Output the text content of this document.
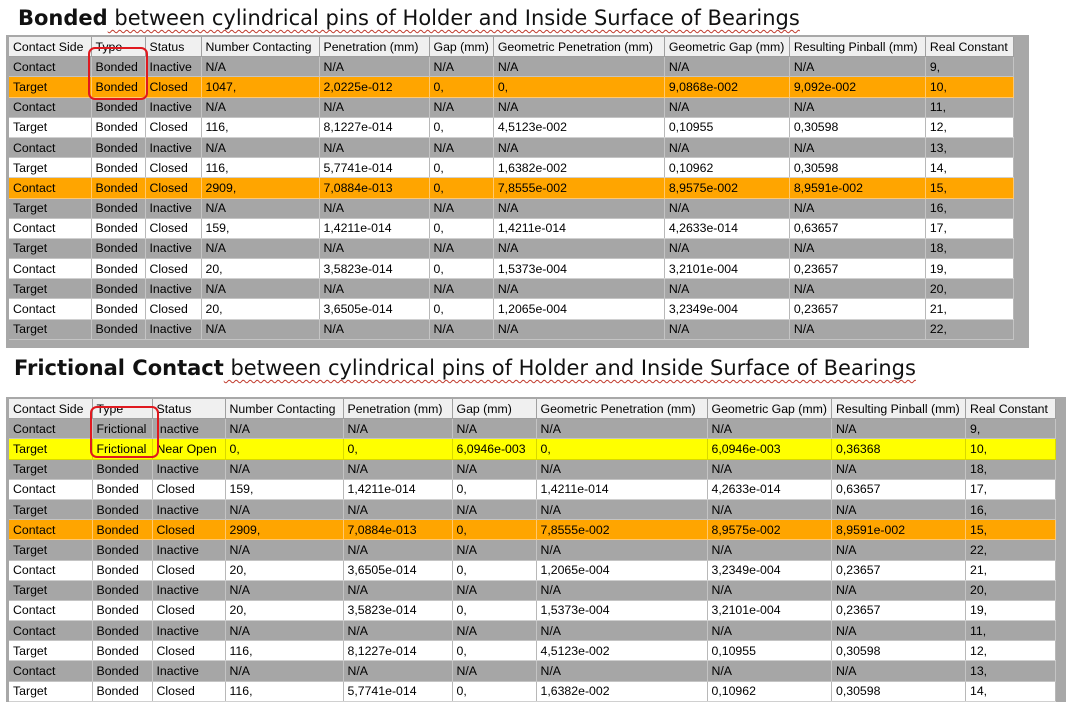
Bonded between cylindrical pins of Holder and Inside Surface of Bearings
Contact Side	Type	Status	Number Contacting	Penetration (mm)	Gap (mm)	Geometric Penetration (mm)	Geometric Gap (mm)	Resulting Pinball (mm)	Real Constant
Contact	Bonded	Inactive	N/A	N/A	N/A	N/A	N/A	N/A	9,
Target	Bonded	Closed	1047,	2,0225e-012	0,	0,	9,0868e-002	9,092e-002	10,
Contact	Bonded	Inactive	N/A	N/A	N/A	N/A	N/A	N/A	11,
Target	Bonded	Closed	116,	8,1227e-014	0,	4,5123e-002	0,10955	0,30598	12,
Contact	Bonded	Inactive	N/A	N/A	N/A	N/A	N/A	N/A	13,
Target	Bonded	Closed	116,	5,7741e-014	0,	1,6382e-002	0,10962	0,30598	14,
Contact	Bonded	Closed	2909,	7,0884e-013	0,	7,8555e-002	8,9575e-002	8,9591e-002	15,
Target	Bonded	Inactive	N/A	N/A	N/A	N/A	N/A	N/A	16,
Contact	Bonded	Closed	159,	1,4211e-014	0,	1,4211e-014	4,2633e-014	0,63657	17,
Target	Bonded	Inactive	N/A	N/A	N/A	N/A	N/A	N/A	18,
Contact	Bonded	Closed	20,	3,5823e-014	0,	1,5373e-004	3,2101e-004	0,23657	19,
Target	Bonded	Inactive	N/A	N/A	N/A	N/A	N/A	N/A	20,
Contact	Bonded	Closed	20,	3,6505e-014	0,	1,2065e-004	3,2349e-004	0,23657	21,
Target	Bonded	Inactive	N/A	N/A	N/A	N/A	N/A	N/A	22,
Frictional Contact between cylindrical pins of Holder and Inside Surface of Bearings
Contact Side	Type	Status	Number Contacting	Penetration (mm)	Gap (mm)	Geometric Penetration (mm)	Geometric Gap (mm)	Resulting Pinball (mm)	Real Constant
Contact	Frictional	Inactive	N/A	N/A	N/A	N/A	N/A	N/A	9,
Target	Frictional	Near Open	0,	0,	6,0946e-003	0,	6,0946e-003	0,36368	10,
Target	Bonded	Inactive	N/A	N/A	N/A	N/A	N/A	N/A	18,
Contact	Bonded	Closed	159,	1,4211e-014	0,	1,4211e-014	4,2633e-014	0,63657	17,
Target	Bonded	Inactive	N/A	N/A	N/A	N/A	N/A	N/A	16,
Contact	Bonded	Closed	2909,	7,0884e-013	0,	7,8555e-002	8,9575e-002	8,9591e-002	15,
Target	Bonded	Inactive	N/A	N/A	N/A	N/A	N/A	N/A	22,
Contact	Bonded	Closed	20,	3,6505e-014	0,	1,2065e-004	3,2349e-004	0,23657	21,
Target	Bonded	Inactive	N/A	N/A	N/A	N/A	N/A	N/A	20,
Contact	Bonded	Closed	20,	3,5823e-014	0,	1,5373e-004	3,2101e-004	0,23657	19,
Contact	Bonded	Inactive	N/A	N/A	N/A	N/A	N/A	N/A	11,
Target	Bonded	Closed	116,	8,1227e-014	0,	4,5123e-002	0,10955	0,30598	12,
Contact	Bonded	Inactive	N/A	N/A	N/A	N/A	N/A	N/A	13,
Target	Bonded	Closed	116,	5,7741e-014	0,	1,6382e-002	0,10962	0,30598	14,
